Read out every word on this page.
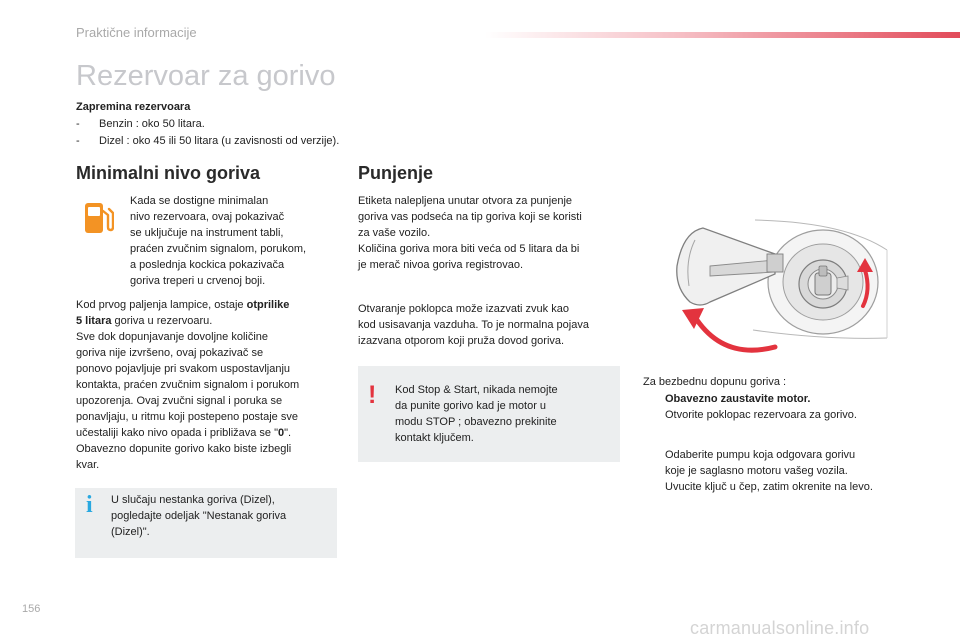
Praktične informacije
Rezervoar za gorivo
Zapremina rezervoara
- Benzin : oko 50 litara.
- Dizel : oko 45 ili 50 litara (u zavisnosti od verzije).
Minimalni nivo goriva
Kada se dostigne minimalan
nivo rezervoara, ovaj pokazivač
se uključuje na instrument tabli,
praćen zvučnim signalom, porukom,
a poslednja kockica pokazivača
goriva treperi u crvenoj boji.
Kod prvog paljenja lampice, ostaje otprilike
5 litara goriva u rezervoaru.
Sve dok dopunjavanje dovoljne količine
goriva nije izvršeno, ovaj pokazivač se
ponovo pojavljuje pri svakom uspostavljanju
kontakta, praćen zvučnim signalom i porukom
upozorenja. Ovaj zvučni signal i poruka se
ponavljaju, u ritmu koji postepeno postaje sve
učestaliji kako nivo opada i približava se "0".
Obavezno dopunite gorivo kako biste izbegli
kvar.
i U slučaju nestanka goriva (Dizel),
pogledajte odeljak "Nestanak goriva
(Dizel)".
Punjenje
Etiketa nalepljena unutar otvora za punjenje
goriva vas podseća na tip goriva koji se koristi
za vaše vozilo.
Količina goriva mora biti veća od 5 litara da bi
je merač nivoa goriva registrovao.
Otvaranje poklopca može izazvati zvuk kao
kod usisavanja vazduha. To je normalna pojava
izazvana otporom koji pruža dovod goriva.
! Kod Stop & Start, nikada nemojte
da punite gorivo kad je motor u
modu STOP ; obavezno prekinite
kontakt ključem.
Za bezbednu dopunu goriva :
Obavezno zaustavite motor.
Otvorite poklopac rezervoara za gorivo.
Odaberite pumpu koja odgovara gorivu
koje je saglasno motoru vašeg vozila.
Uvucite ključ u čep, zatim okrenite na levo.
156
carmanualsonline.info
